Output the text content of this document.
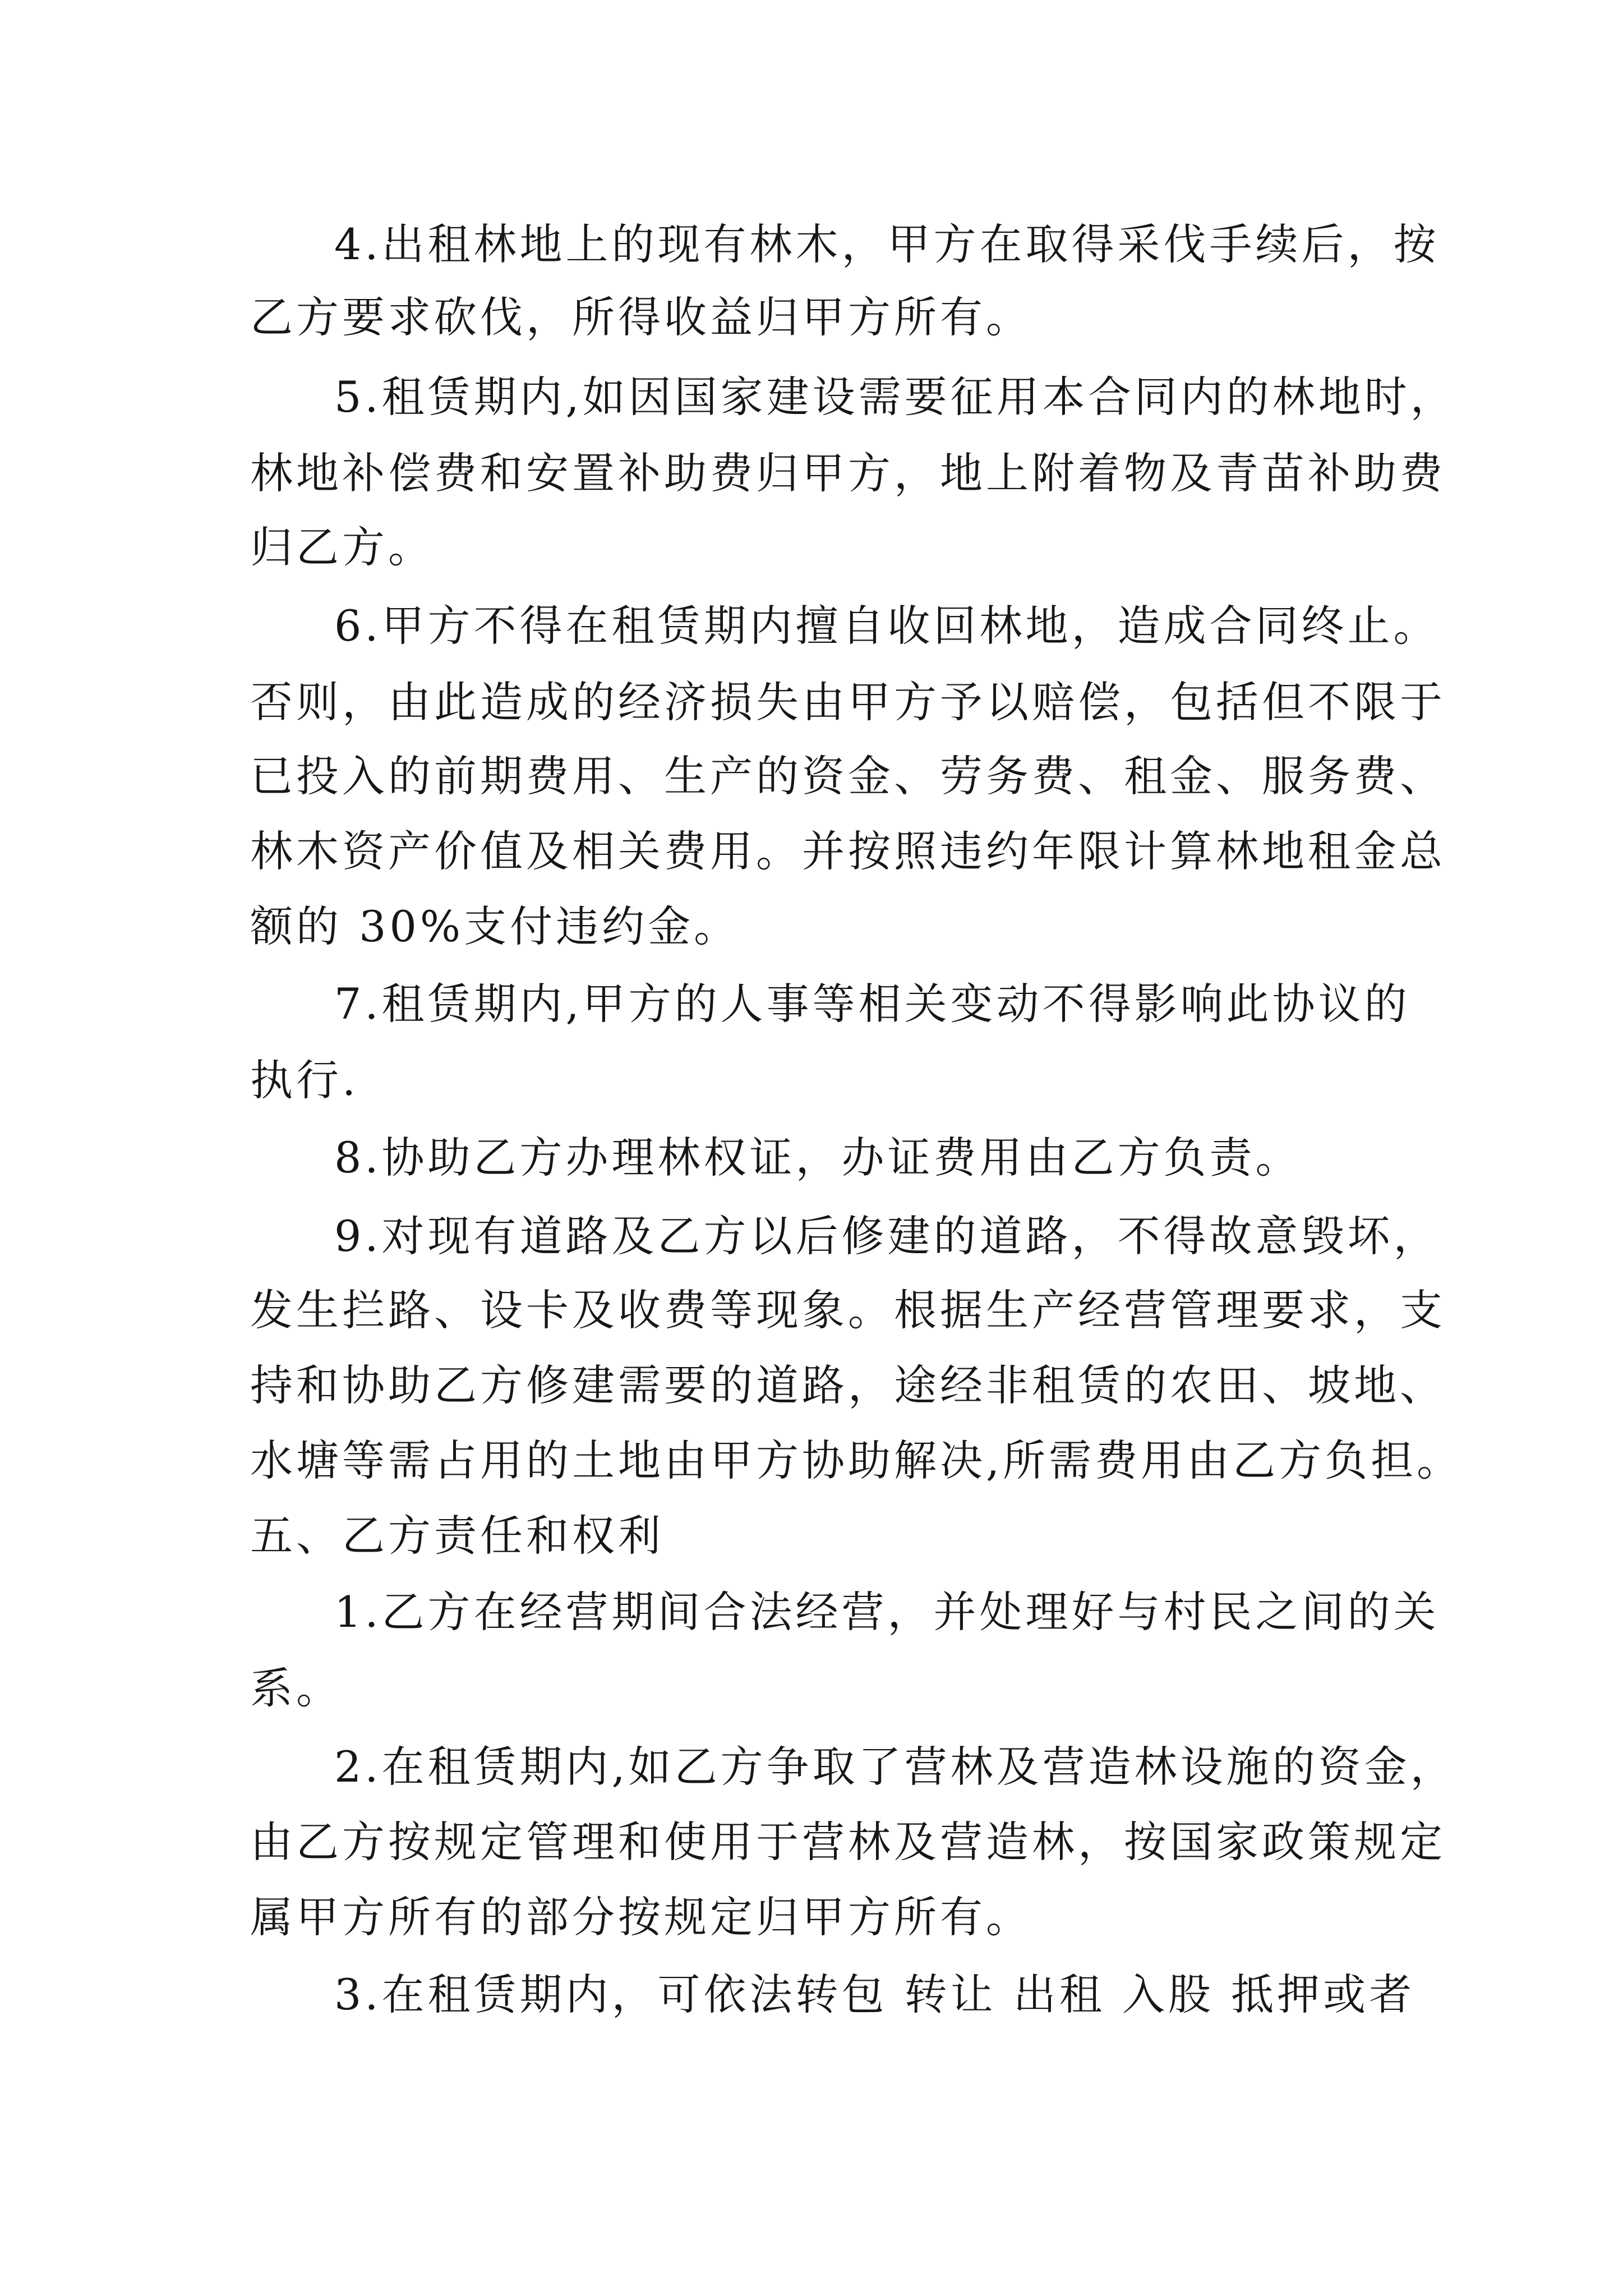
4.出租林地上的现有林木，甲方在取得采伐手续后，按

乙方要求砍伐，所得收益归甲方所有。

5.租赁期内,如因国家建设需要征用本合同内的林地时，

林地补偿费和安置补助费归甲方，地上附着物及青苗补助费

归乙方。

6.甲方不得在租赁期内擅自收回林地，造成合同终止。

否则，由此造成的经济损失由甲方予以赔偿，包括但不限于

已投入的前期费用、生产的资金、劳务费、租金、服务费、

林木资产价值及相关费用。并按照违约年限计算林地租金总

额的 30%支付违约金。

7.租赁期内,甲方的人事等相关变动不得影响此协议的

执行.

8.协助乙方办理林权证，办证费用由乙方负责。

9.对现有道路及乙方以后修建的道路，不得故意毁坏，

发生拦路、设卡及收费等现象。根据生产经营管理要求，支

持和协助乙方修建需要的道路，途经非租赁的农田、坡地、

水塘等需占用的土地由甲方协助解决,所需费用由乙方负担。

五、乙方责任和权利

1.乙方在经营期间合法经营，并处理好与村民之间的关

系。

2.在租赁期内,如乙方争取了营林及营造林设施的资金，

由乙方按规定管理和使用于营林及营造林，按国家政策规定

属甲方所有的部分按规定归甲方所有。

3.在租赁期内，可依法转包 转让 出租 入股 抵押或者
